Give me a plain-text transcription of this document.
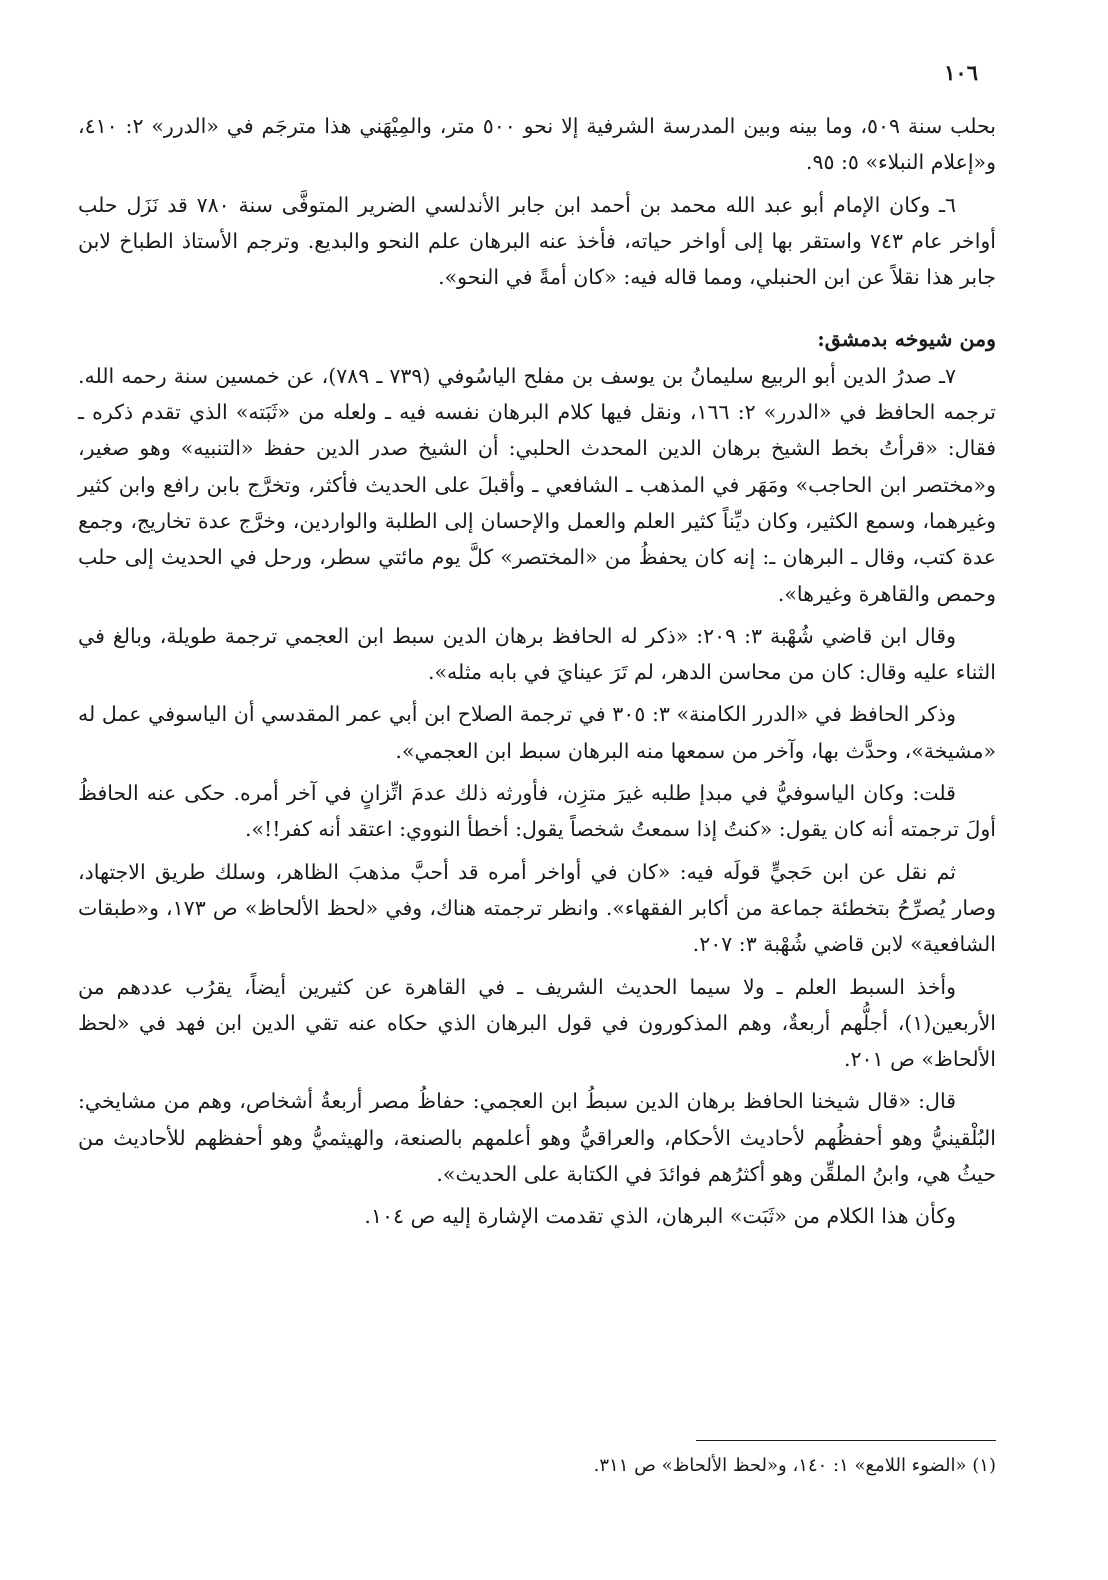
١٠٦

بحلب سنة ٥٠٩، وما بينه وبين المدرسة الشرفية إلا نحو ٥٠٠ متر، والمِيْهَني هذا مترجَم في «الدرر» ٢: ٤١٠، و«إعلام النبلاء» ٥: ٩٥.

٦ـ وكان الإمام أبو عبد الله محمد بن أحمد ابن جابر الأندلسي الضرير المتوفَّى سنة ٧٨٠ قد نَزَل حلب أواخر عام ٧٤٣ واستقر بها إلى أواخر حياته، فأخذ عنه البرهان علم النحو والبديع. وترجم الأستاذ الطباخ لابن جابر هذا نقلاً عن ابن الحنبلي، ومما قاله فيه: «كان أمةً في النحو».

ومن شيوخه بدمشق:

٧ـ صدرُ الدين أبو الربيع سليمانُ بن يوسف بن مفلح الياسُوفي (٧٣٩ ـ ٧٨٩)، عن خمسين سنة رحمه الله. ترجمه الحافظ في «الدرر» ٢: ١٦٦، ونقل فيها كلام البرهان نفسه فيه ـ ولعله من «ثَبَته» الذي تقدم ذكره ـ فقال: «قرأتُ بخط الشيخ برهان الدين المحدث الحلبي: أن الشيخ صدر الدين حفظ «التنبيه» وهو صغير، و«مختصر ابن الحاجب» ومَهَر في المذهب ـ الشافعي ـ وأقبلَ على الحديث فأكثر، وتخرَّج بابن رافع وابن كثير وغيرهما، وسمع الكثير، وكان ديِّناً كثير العلم والعمل والإحسان إلى الطلبة والواردين، وخرَّج عدة تخاريج، وجمع عدة كتب، وقال ـ البرهان ـ: إنه كان يحفظُ من «المختصر» كلَّ يوم مائتي سطر، ورحل في الحديث إلى حلب وحمص والقاهرة وغيرها».

وقال ابن قاضي شُهْبة ٣: ٢٠٩: «ذكر له الحافظ برهان الدين سبط ابن العجمي ترجمة طويلة، وبالغ في الثناء عليه وقال: كان من محاسن الدهر، لم تَرَ عينايَ في بابه مثله».

وذكر الحافظ في «الدرر الكامنة» ٣: ٣٠٥ في ترجمة الصلاح ابن أبي عمر المقدسي أن الياسوفي عمل له «مشيخة»، وحدَّث بها، وآخر من سمعها منه البرهان سبط ابن العجمي».

قلت: وكان الياسوفيُّ في مبدإ طلبه غيرَ متزِن، فأورثه ذلك عدمَ اتِّزانٍ في آخر أمره. حكى عنه الحافظُ أولَ ترجمته أنه كان يقول: «كنتُ إذا سمعتُ شخصاً يقول: أخطأ النووي: اعتقد أنه كفر!!».

ثم نقل عن ابن حَجيٍّ قولَه فيه: «كان في أواخر أمره قد أحبَّ مذهبَ الظاهر، وسلك طريق الاجتهاد، وصار يُصرِّحُ بتخطئة جماعة من أكابر الفقهاء». وانظر ترجمته هناك، وفي «لحظ الألحاظ» ص ١٧٣، و«طبقات الشافعية» لابن قاضي شُهْبة ٣: ٢٠٧.

وأخذ السبط العلم ـ ولا سيما الحديث الشريف ـ في القاهرة عن كثيرين أيضاً، يقرُب عددهم من الأربعين(١)، أجلُّهم أربعةٌ، وهم المذكورون في قول البرهان الذي حكاه عنه تقي الدين ابن فهد في «لحظ الألحاظ» ص ٢٠١.

قال: «قال شيخنا الحافظ برهان الدين سبطُ ابن العجمي: حفاظُ مصر أربعةُ أشخاص، وهم من مشايخي: البُلْقينيُّ وهو أحفظُهم لأحاديث الأحكام، والعراقيُّ وهو أعلمهم بالصنعة، والهيثميُّ وهو أحفظهم للأحاديث من حيثُ هي، وابنُ الملقِّن وهو أكثرُهم فوائدَ في الكتابة على الحديث».

وكأن هذا الكلام من «ثَبَت» البرهان، الذي تقدمت الإشارة إليه ص ١٠٤.

(١) «الضوء اللامع» ١: ١٤٠، و«لحظ الألحاظ» ص ٣١١.
